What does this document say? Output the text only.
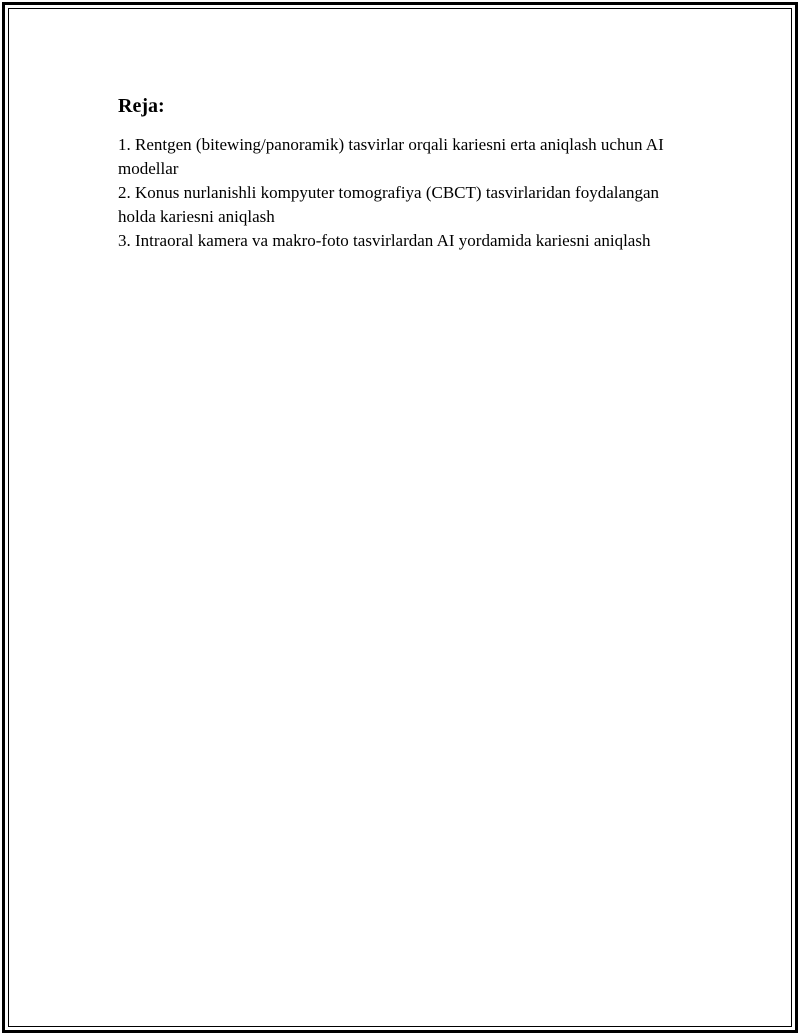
Reja:
1. Rentgen (bitewing/panoramik) tasvirlar orqali kariesni erta aniqlash uchun AI modellar
2. Konus nurlanishli kompyuter tomografiya (CBCT) tasvirlaridan foydalangan holda kariesni aniqlash
3. Intraoral kamera va makro-foto tasvirlardan AI yordamida kariesni aniqlash
